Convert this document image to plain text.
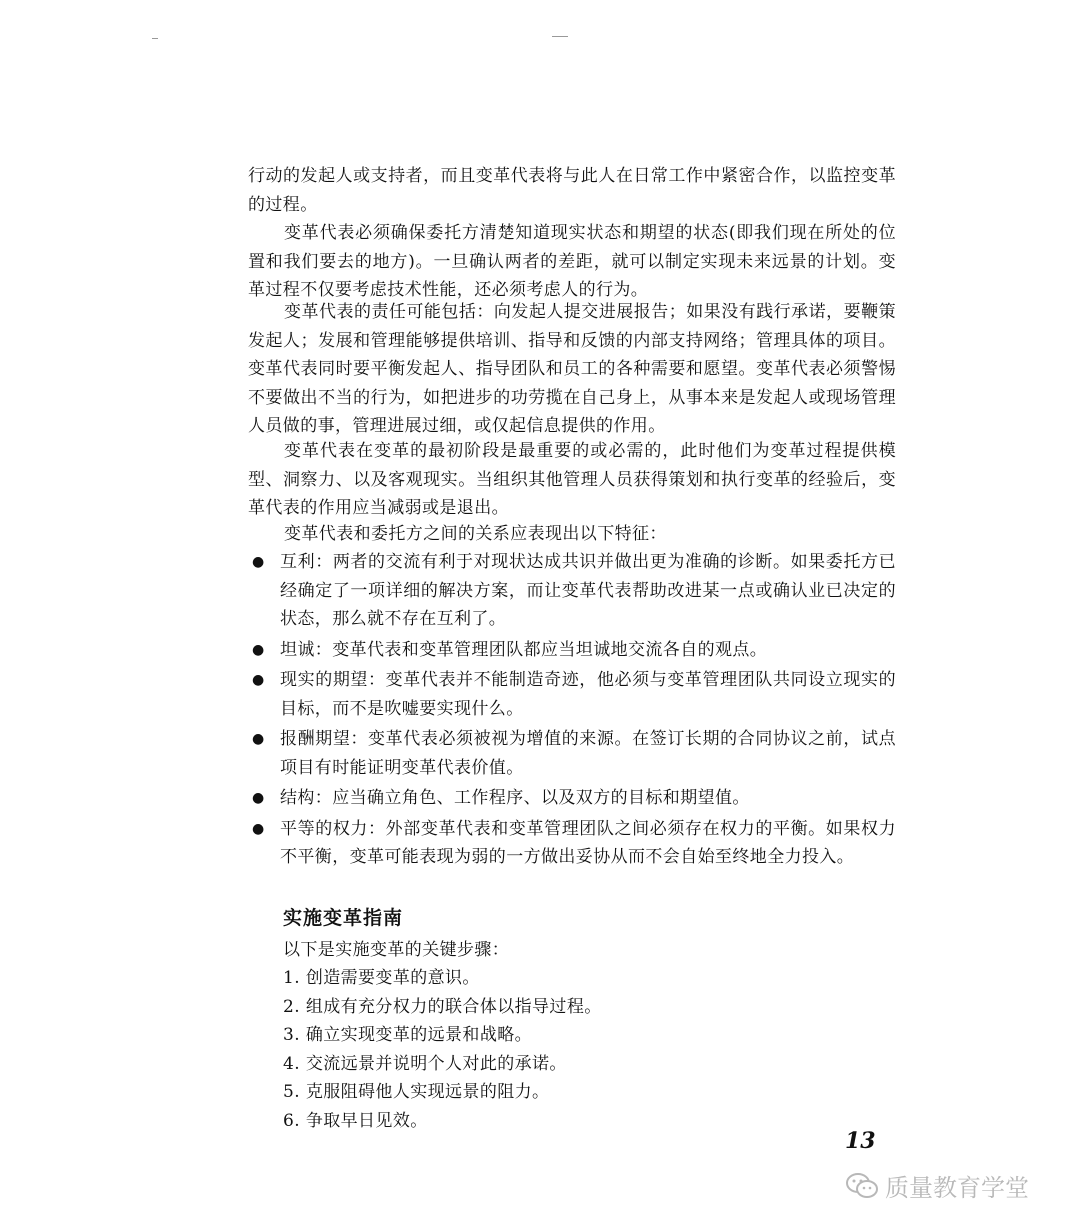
行动的发起人或支持者，而且变革代表将与此人在日常工作中紧密合作，以监控变革的过程。

变革代表必须确保委托方清楚知道现实状态和期望的状态(即我们现在所处的位置和我们要去的地方)。一旦确认两者的差距，就可以制定实现未来远景的计划。变革过程不仅要考虑技术性能，还必须考虑人的行为。

变革代表的责任可能包括：向发起人提交进展报告；如果没有践行承诺，要鞭策发起人；发展和管理能够提供培训、指导和反馈的内部支持网络；管理具体的项目。变革代表同时要平衡发起人、指导团队和员工的各种需要和愿望。变革代表必须警惕不要做出不当的行为，如把进步的功劳揽在自己身上，从事本来是发起人或现场管理人员做的事，管理进展过细，或仅起信息提供的作用。

变革代表在变革的最初阶段是最重要的或必需的，此时他们为变革过程提供模型、洞察力、以及客观现实。当组织其他管理人员获得策划和执行变革的经验后，变革代表的作用应当减弱或是退出。

变革代表和委托方之间的关系应表现出以下特征：

● 互利：两者的交流有利于对现状达成共识并做出更为准确的诊断。如果委托方已经确定了一项详细的解决方案，而让变革代表帮助改进某一点或确认业已决定的状态，那么就不存在互利了。
● 坦诚：变革代表和变革管理团队都应当坦诚地交流各自的观点。
● 现实的期望：变革代表并不能制造奇迹，他必须与变革管理团队共同设立现实的目标，而不是吹嘘要实现什么。
● 报酬期望：变革代表必须被视为增值的来源。在签订长期的合同协议之前，试点项目有时能证明变革代表价值。
● 结构：应当确立角色、工作程序、以及双方的目标和期望值。
● 平等的权力：外部变革代表和变革管理团队之间必须存在权力的平衡。如果权力不平衡，变革可能表现为弱的一方做出妥协从而不会自始至终地全力投入。
实施变革指南
以下是实施变革的关键步骤：
1. 创造需要变革的意识。
2. 组成有充分权力的联合体以指导过程。
3. 确立实现变革的远景和战略。
4. 交流远景并说明个人对此的承诺。
5. 克服阻碍他人实现远景的阻力。
6. 争取早日见效。
13
质量教育学堂
